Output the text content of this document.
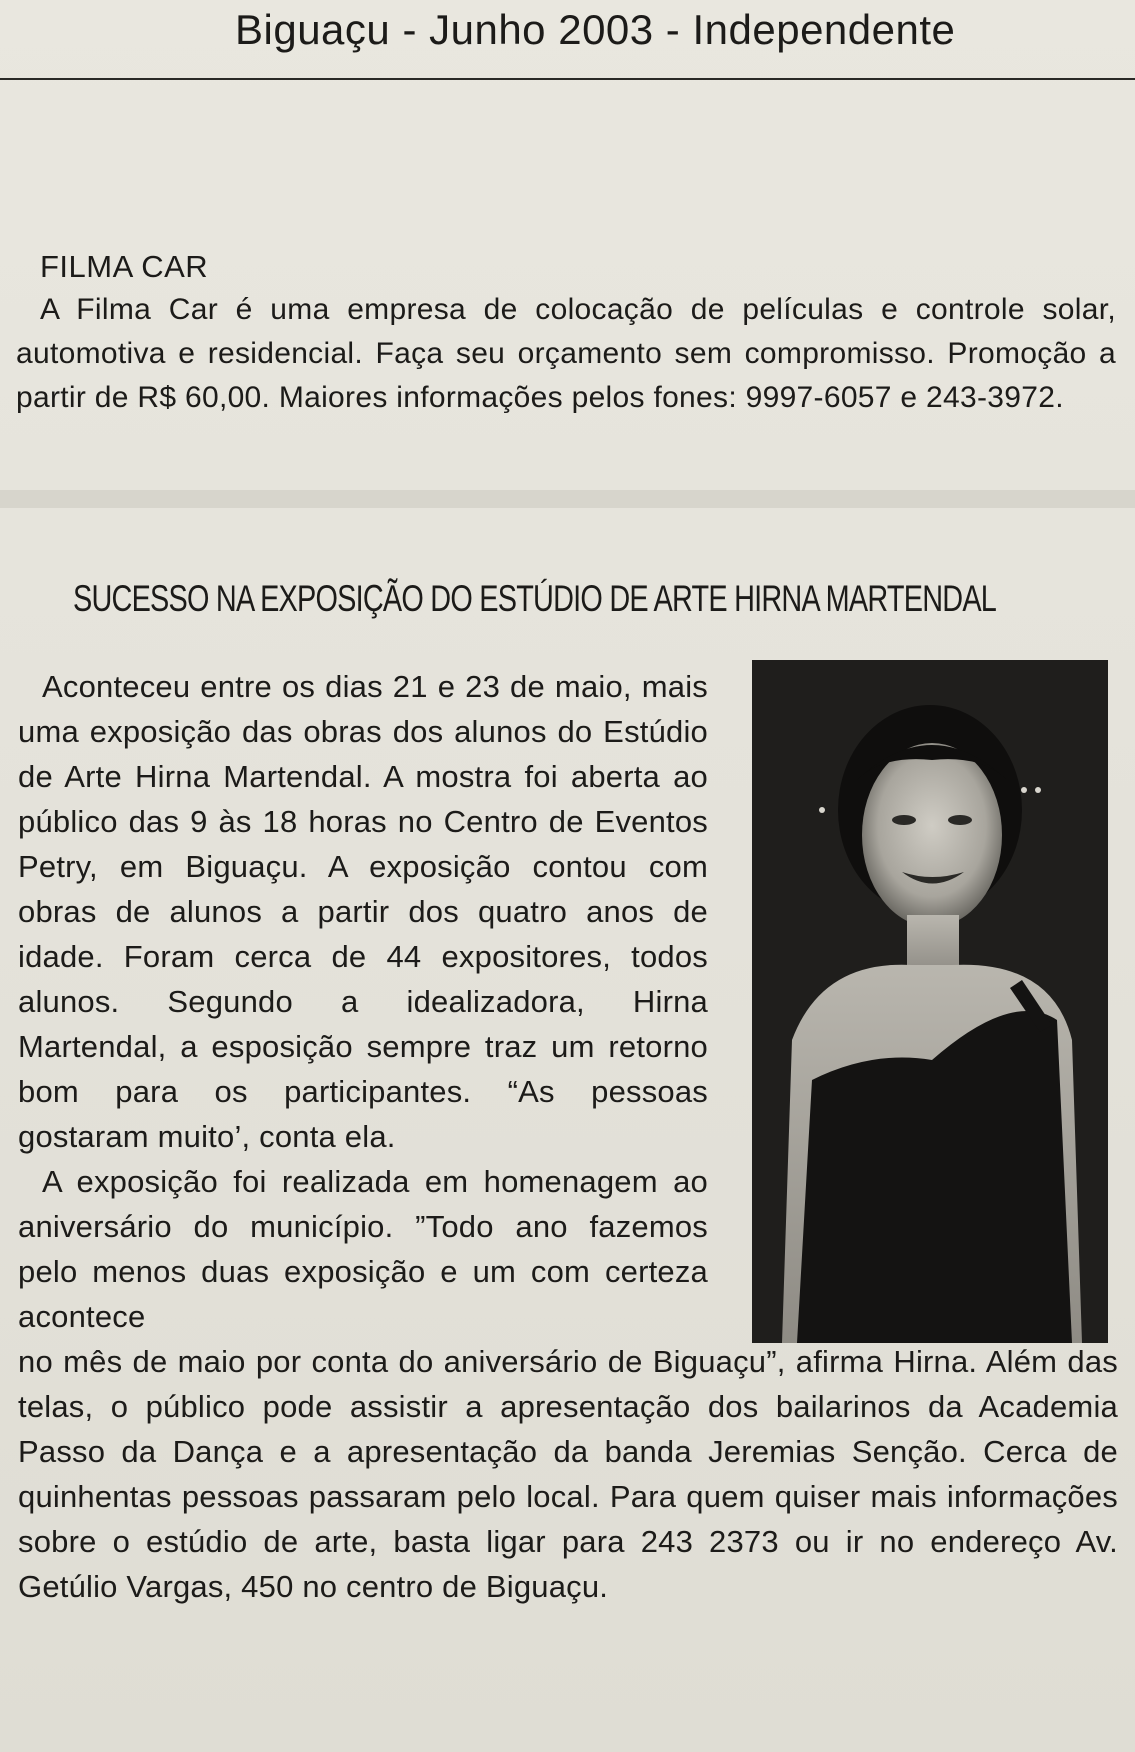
Biguaçu - Junho 2003 - Independente
FILMA CAR
A Filma Car é uma empresa de colocação de películas e controle solar, automotiva e residencial. Faça seu orçamento sem compromisso. Promoção a partir de R$ 60,00. Maiores informações pelos fones: 9997-6057 e 243-3972.
SUCESSO NA EXPOSIÇÃO DO ESTÚDIO DE ARTE HIRNA MARTENDAL
Aconteceu entre os dias 21 e 23 de maio, mais uma exposição das obras dos alunos do Estúdio de Arte Hirna Martendal. A mostra foi aberta ao público das 9 às 18 horas no Centro de Eventos Petry, em Biguaçu. A exposição contou com obras de alunos a partir dos quatro anos de idade. Foram cerca de 44 expositores, todos alunos. Segundo a idealizadora, Hirna Martendal, a esposição sempre traz um retorno bom para os participantes. “As pessoas gostaram muito’, conta ela.
A exposição foi realizada em homenagem ao aniversário do município. ”Todo ano fazemos pelo menos duas exposição e um com certeza acontece
no mês de maio por conta do aniversário de Biguaçu”, afirma Hirna. Além das telas, o público pode assistir a apresentação dos bailarinos da Academia Passo da Dança e a apresentação da banda Jeremias Senção. Cerca de quinhentas pessoas passaram pelo local. Para quem quiser mais informações sobre o estúdio de arte, basta ligar para 243 2373 ou ir no endereço Av. Getúlio Vargas, 450 no centro de Biguaçu.
